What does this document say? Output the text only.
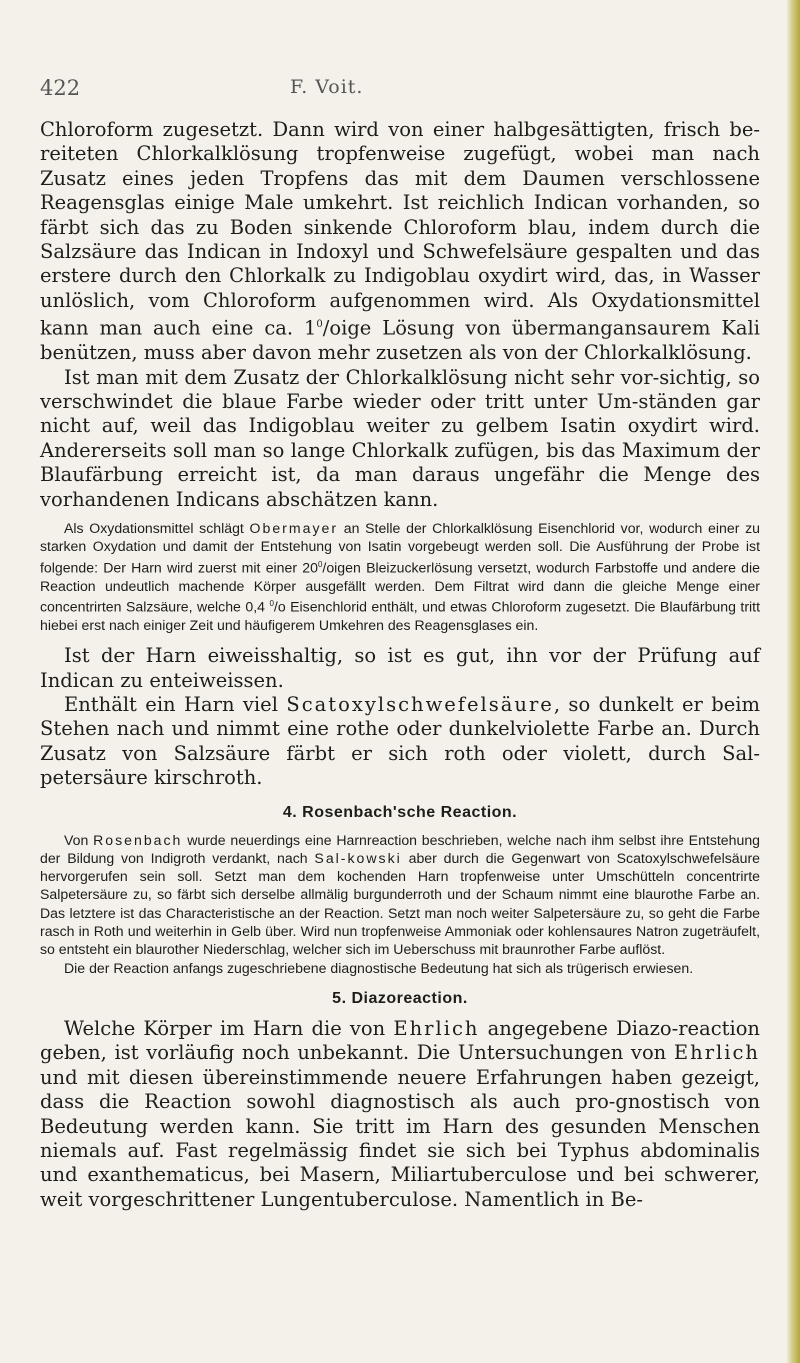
422	F. Voit.

Chloroform zugesetzt. Dann wird von einer halbgesättigten, frisch be-reiteten Chlorkalklösung tropfenweise zugefügt, wobei man nach Zusatz eines jeden Tropfens das mit dem Daumen verschlossene Reagensglas einige Male umkehrt. Ist reichlich Indican vorhanden, so färbt sich das zu Boden sinkende Chloroform blau, indem durch die Salzsäure das Indican in Indoxyl und Schwefelsäure gespalten und das erstere durch den Chlorkalk zu Indigoblau oxydirt wird, das, in Wasser unlöslich, vom Chloroform aufgenommen wird. Als Oxydationsmittel kann man auch eine ca. $1^0$/oige Lösung von übermangansaurem Kali benützen, muss aber davon mehr zusetzen als von der Chlorkalklösung.

Ist man mit dem Zusatz der Chlorkalklösung nicht sehr vor-sichtig, so verschwindet die blaue Farbe wieder oder tritt unter Um-ständen gar nicht auf, weil das Indigoblau weiter zu gelbem Isatin oxydirt wird. Andererseits soll man so lange Chlorkalk zufügen, bis das Maximum der Blaufärbung erreicht ist, da man daraus ungefähr die Menge des vorhandenen Indicans abschätzen kann.

Als Oxydationsmittel schlägt Obermayer an Stelle der Chlorkalklösung Eisenchlorid vor, wodurch einer zu starken Oxydation und damit der Entstehung von Isatin vorgebeugt werden soll. Die Ausführung der Probe ist folgende: Der Harn wird zuerst mit einer $20^0$/oigen Bleizuckerlösung versetzt, wodurch Farbstoffe und andere die Reaction undeutlich machende Körper ausgefällt werden. Dem Filtrat wird dann die gleiche Menge einer concentrirten Salzsäure, welche 0,4 $^0$/o Eisenchlorid enthält, und etwas Chloroform zugesetzt. Die Blaufärbung tritt hiebei erst nach einiger Zeit und häufigerem Umkehren des Reagensglases ein.

Ist der Harn eiweisshaltig, so ist es gut, ihn vor der Prüfung auf Indican zu enteiweissen.

Enthält ein Harn viel Scatoxylschwefelsäure, so dunkelt er beim Stehen nach und nimmt eine rothe oder dunkelviolette Farbe an. Durch Zusatz von Salzsäure färbt er sich roth oder violett, durch Sal-petersäure kirschroth.

4. Rosenbach'sche Reaction.

Von Rosenbach wurde neuerdings eine Harnreaction beschrieben, welche nach ihm selbst ihre Entstehung der Bildung von Indigroth verdankt, nach Sal-kowski aber durch die Gegenwart von Scatoxylschwefelsäure hervorgerufen sein soll. Setzt man dem kochenden Harn tropfenweise unter Umschütteln concentrirte Salpetersäure zu, so färbt sich derselbe allmälig burgunderroth und der Schaum nimmt eine blaurothe Farbe an. Das letztere ist das Characteristische an der Reaction. Setzt man noch weiter Salpetersäure zu, so geht die Farbe rasch in Roth und weiterhin in Gelb über. Wird nun tropfenweise Ammoniak oder kohlensaures Natron zugeträufelt, so entsteht ein blaurother Niederschlag, welcher sich im Ueberschuss mit braunrother Farbe auflöst.

Die der Reaction anfangs zugeschriebene diagnostische Bedeutung hat sich als trügerisch erwiesen.

5. Diazoreaction.

Welche Körper im Harn die von Ehrlich angegebene Diazo-reaction geben, ist vorläufig noch unbekannt. Die Untersuchungen von Ehrlich und mit diesen übereinstimmende neuere Erfahrungen haben gezeigt, dass die Reaction sowohl diagnostisch als auch pro-gnostisch von Bedeutung werden kann. Sie tritt im Harn des gesunden Menschen niemals auf. Fast regelmässig findet sie sich bei Typhus abdominalis und exanthematicus, bei Masern, Miliartuberculose und bei schwerer, weit vorgeschrittener Lungentuberculose. Namentlich in Be-
